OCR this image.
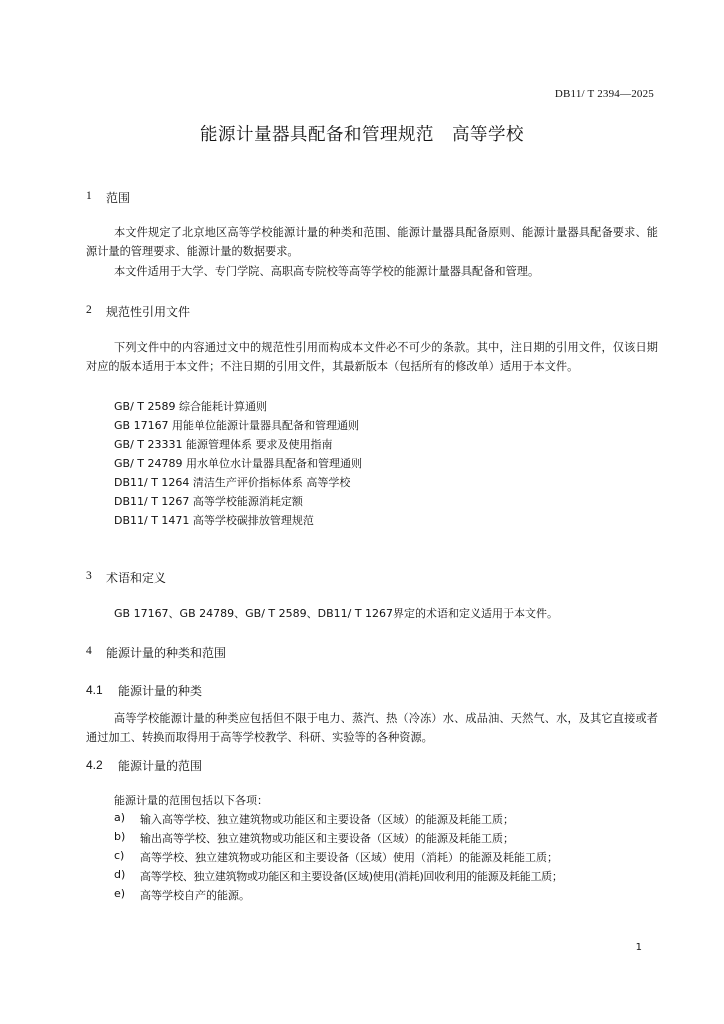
DB11/ T 2394—2025
能源计量器具配备和管理规范　高等学校
1 范围
本文件规定了北京地区高等学校能源计量的种类和范围、能源计量器具配备原则、能源计量器具配备要求、能源计量的管理要求、能源计量的数据要求。
本文件适用于大学、专门学院、高职高专院校等高等学校的能源计量器具配备和管理。
2 规范性引用文件
下列文件中的内容通过文中的规范性引用而构成本文件必不可少的条款。其中，注日期的引用文件，仅该日期对应的版本适用于本文件；不注日期的引用文件，其最新版本（包括所有的修改单）适用于本文件。
GB/ T 2589 综合能耗计算通则
GB 17167 用能单位能源计量器具配备和管理通则
GB/ T 23331 能源管理体系 要求及使用指南
GB/ T 24789 用水单位水计量器具配备和管理通则
DB11/ T 1264 清洁生产评价指标体系 高等学校
DB11/ T 1267 高等学校能源消耗定额
DB11/ T 1471 高等学校碳排放管理规范
3 术语和定义
GB 17167、GB 24789、GB/ T 2589、DB11/ T 1267界定的术语和定义适用于本文件。
4 能源计量的种类和范围
4.1 能源计量的种类
高等学校能源计量的种类应包括但不限于电力、蒸汽、热（冷冻）水、成品油、天然气、水，及其它直接或者通过加工、转换而取得用于高等学校教学、科研、实验等的各种资源。
4.2 能源计量的范围
能源计量的范围包括以下各项：
a) 输入高等学校、独立建筑物或功能区和主要设备（区域）的能源及耗能工质；
b) 输出高等学校、独立建筑物或功能区和主要设备（区域）的能源及耗能工质；
c) 高等学校、独立建筑物或功能区和主要设备（区域）使用（消耗）的能源及耗能工质；
d) 高等学校、独立建筑物或功能区和主要设备(区域)使用(消耗)回收利用的能源及耗能工质；
e) 高等学校自产的能源。
1
